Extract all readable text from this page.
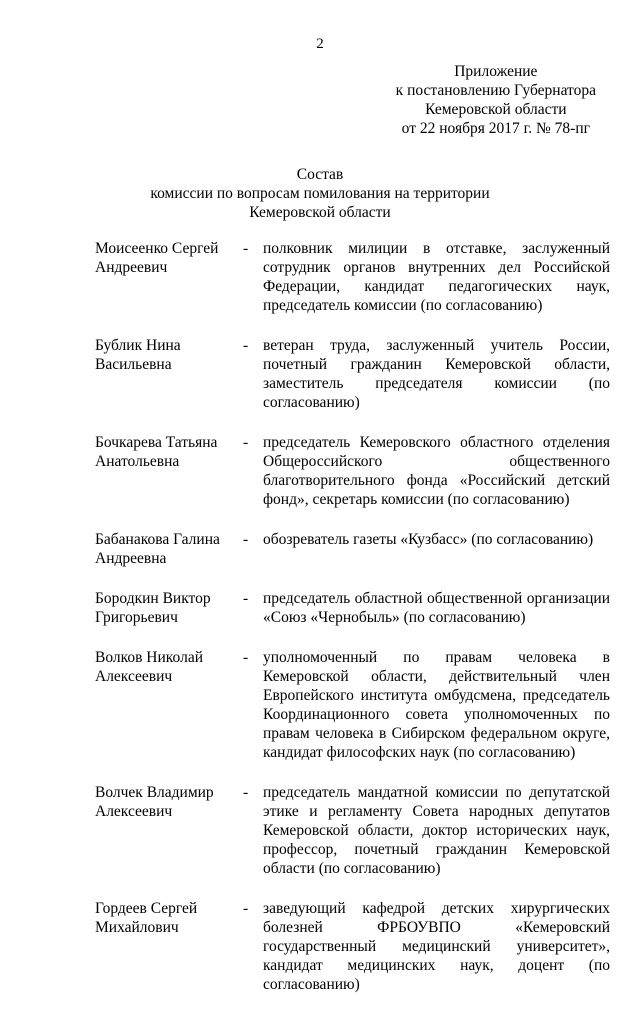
2
Приложение
к постановлению Губернатора
Кемеровской области
от 22 ноября 2017 г. № 78-пг
Состав
комиссии по вопросам помилования на территории
Кемеровской области
Моисеенко Сергей
Андреевич
- полковник милиции в отставке, заслуженный сотрудник органов внутренних дел Российской Федерации, кандидат педагогических наук, председатель комиссии (по согласованию)
Бублик Нина
Васильевна
- ветеран труда, заслуженный учитель России, почетный гражданин Кемеровской области, заместитель председателя комиссии (по согласованию)
Бочкарева Татьяна
Анатольевна
- председатель Кемеровского областного отделения Общероссийского общественного благотворительного фонда «Российский детский фонд», секретарь комиссии (по согласованию)
Бабанакова Галина
Андреевна
- обозреватель газеты «Кузбасс» (по согласованию)
Бородкин Виктор
Григорьевич
- председатель областной общественной организации «Союз «Чернобыль» (по согласованию)
Волков Николай
Алексеевич
- уполномоченный по правам человека в Кемеровской области, действительный член Европейского института омбудсмена, председатель Координационного совета уполномоченных по правам человека в Сибирском федеральном округе, кандидат философских наук (по согласованию)
Волчек Владимир
Алексеевич
- председатель мандатной комиссии по депутатской этике и регламенту Совета народных депутатов Кемеровской области, доктор исторических наук, профессор, почетный гражданин Кемеровской области (по согласованию)
Гордеев Сергей
Михайлович
- заведующий кафедрой детских хирургических болезней ФРБОУВПО «Кемеровский государственный медицинский университет», кандидат медицинских наук, доцент (по согласованию)
